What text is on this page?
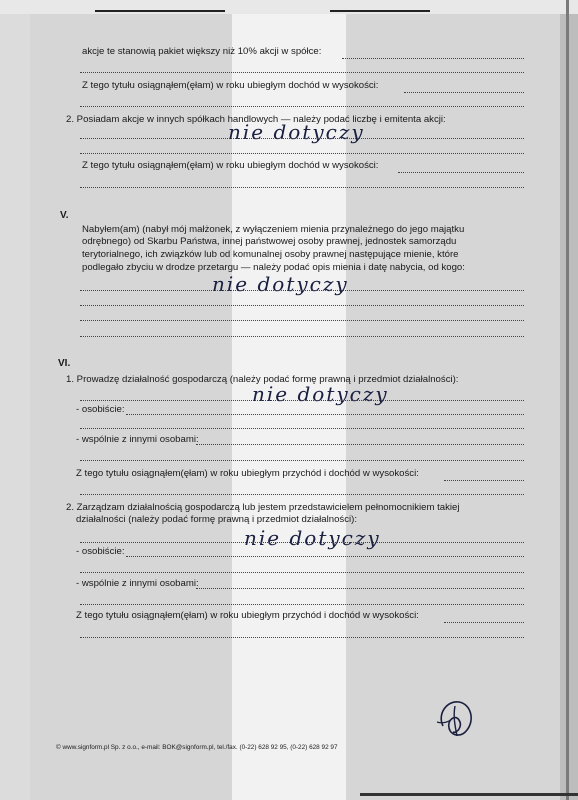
akcje te stanowią pakiet większy niż 10% akcji w spółce:
Z tego tytułu osiągnąłem(ęłam) w roku ubiegłym dochód w wysokości:
2. Posiadam akcje w innych spółkach handlowych — należy podać liczbę i emitenta akcji:
nie dotyczy
Z tego tytułu osiągnąłem(ęłam) w roku ubiegłym dochód w wysokości:
V.
Nabyłem(am) (nabył mój małżonek, z wyłączeniem mienia przynależnego do jego majątku
odrębnego) od Skarbu Państwa, innej państwowej osoby prawnej, jednostek samorządu
terytorialnego, ich związków lub od komunalnej osoby prawnej następujące mienie, które
podlegało zbyciu w drodze przetargu — należy podać opis mienia i datę nabycia, od kogo:
nie dotyczy
VI.
1. Prowadzę działalność gospodarczą (należy podać formę prawną i przedmiot działalności):
nie dotyczy
- osobiście:
- wspólnie z innymi osobami:
Z tego tytułu osiągnąłem(ęłam) w roku ubiegłym przychód i dochód w wysokości:
2. Zarządzam działalnością gospodarczą lub jestem przedstawicielem pełnomocnikiem takiej
działalności (należy podać formę prawną i przedmiot działalności):
nie dotyczy
- osobiście:
- wspólnie z innymi osobami:
Z tego tytułu osiągnąłem(ęłam) w roku ubiegłym przychód i dochód w wysokości:
© www.signform.pl Sp. z o.o., e-mail: BOK@signform.pl, tel./fax. (0-22) 628 92 95, (0-22) 628 92 97
